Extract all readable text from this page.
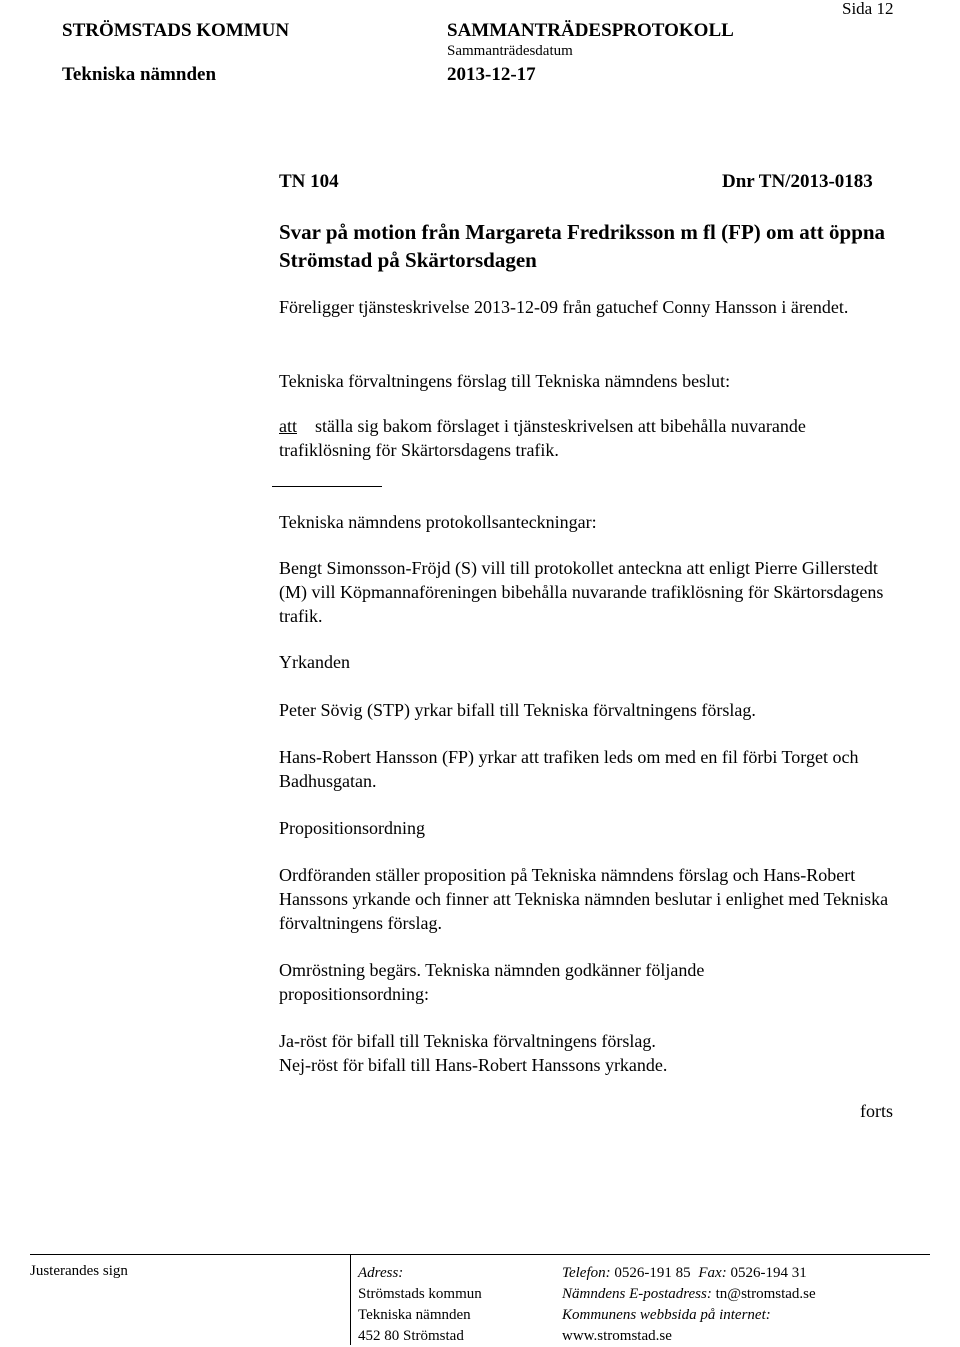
STRÖMSTADS KOMMUN	SAMMANTRÄDESPROTOKOLL
Sida 12
Sammanträdesdatum
Tekniska nämnden	2013-12-17
TN 104	Dnr TN/2013-0183
Svar på motion från Margareta Fredriksson m fl (FP) om att öppna Strömstad på Skärtorsdagen
Föreligger tjänsteskrivelse 2013-12-09 från gatuchef Conny Hansson i ärendet.
Tekniska förvaltningens förslag till Tekniska nämndens beslut:
att	ställa sig bakom förslaget i tjänsteskrivelsen att bibehålla nuvarande trafiklösning för Skärtorsdagens trafik.
Tekniska nämndens protokollsanteckningar:
Bengt Simonsson-Fröjd (S) vill till protokollet anteckna att enligt Pierre Gillerstedt (M) vill Köpmannaföreningen bibehålla nuvarande trafiklösning för Skärtorsdagens trafik.
Yrkanden
Peter Sövig (STP) yrkar bifall till Tekniska förvaltningens förslag.
Hans-Robert Hansson (FP) yrkar att trafiken leds om med en fil förbi Torget och Badhusgatan.
Propositionsordning
Ordföranden ställer proposition på Tekniska nämndens förslag och Hans-Robert Hanssons yrkande och finner att Tekniska nämnden beslutar i enlighet med Tekniska förvaltningens förslag.
Omröstning begärs. Tekniska nämnden godkänner följande propositionsordning:
Ja-röst för bifall till Tekniska förvaltningens förslag.
Nej-röst för bifall till Hans-Robert Hanssons yrkande.
forts
Justerandes sign	Adress:
Strömstads kommun
Tekniska nämnden
452 80 Strömstad
Telefon: 0526-191 85 Fax: 0526-194 31
Nämndens E-postadress: tn@stromstad.se
Kommunens webbsida på internet:
www.stromstad.se
